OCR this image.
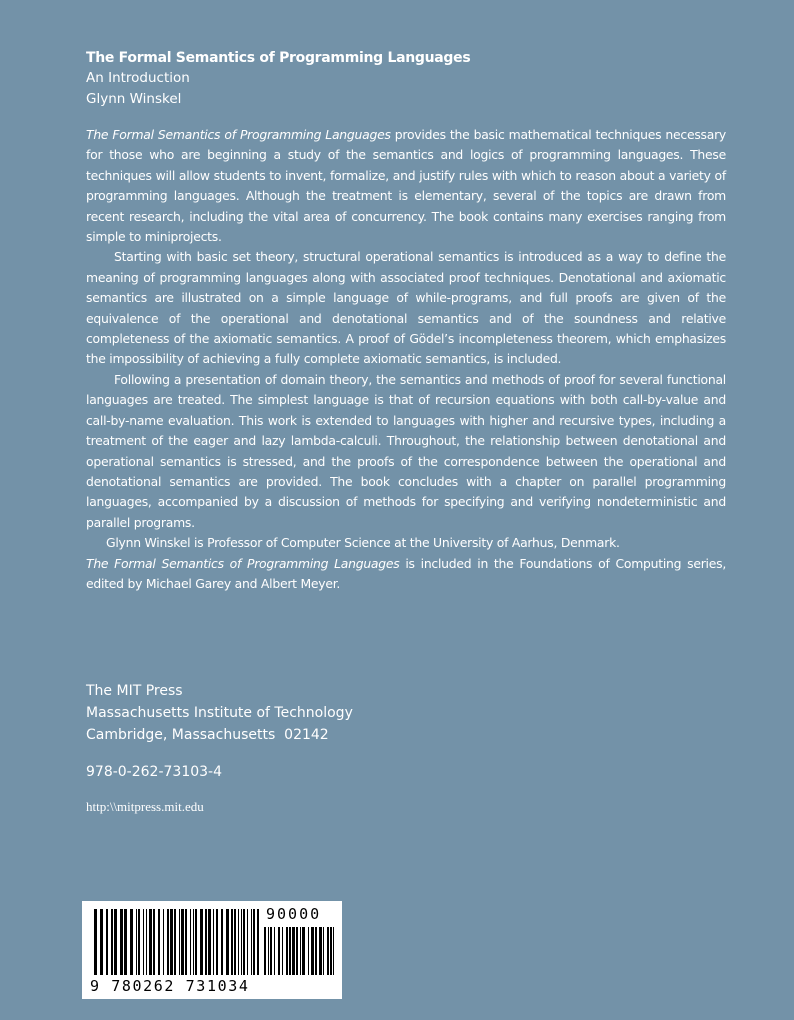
The Formal Semantics of Programming Languages
An Introduction
Glynn Winskel

The Formal Semantics of Programming Languages provides the basic mathematical techniques necessary for those who are beginning a study of the semantics and logics of programming languages. These techniques will allow students to invent, formalize, and justify rules with which to reason about a variety of programming languages. Although the treatment is elementary, several of the topics are drawn from recent research, including the vital area of concurrency. The book contains many exercises ranging from simple to miniprojects.

Starting with basic set theory, structural operational semantics is introduced as a way to define the meaning of programming languages along with associated proof techniques. Denotational and axiomatic semantics are illustrated on a simple language of while-programs, and full proofs are given of the equivalence of the operational and denotational semantics and of the soundness and relative completeness of the axiomatic semantics. A proof of Gödel’s incompleteness theorem, which emphasizes the impossibility of achieving a fully complete axiomatic semantics, is included.

Following a presentation of domain theory, the semantics and methods of proof for several functional languages are treated. The simplest language is that of recursion equations with both call-by-value and call-by-name evaluation. This work is extended to languages with higher and recursive types, including a treatment of the eager and lazy lambda-calculi. Throughout, the relationship between denotational and operational semantics is stressed, and the proofs of the correspondence between the operational and denotational semantics are provided. The book concludes with a chapter on parallel programming languages, accompanied by a discussion of methods for specifying and verifying nondeterministic and parallel programs.

Glynn Winskel is Professor of Computer Science at the University of Aarhus, Denmark.

The Formal Semantics of Programming Languages is included in the Foundations of Computing series, edited by Michael Garey and Albert Meyer.

The MIT Press
Massachusetts Institute of Technology
Cambridge, Massachusetts  02142
978-0-262-73103-4
http:\\mitpress.mit.edu
90000
9 780262 731034
